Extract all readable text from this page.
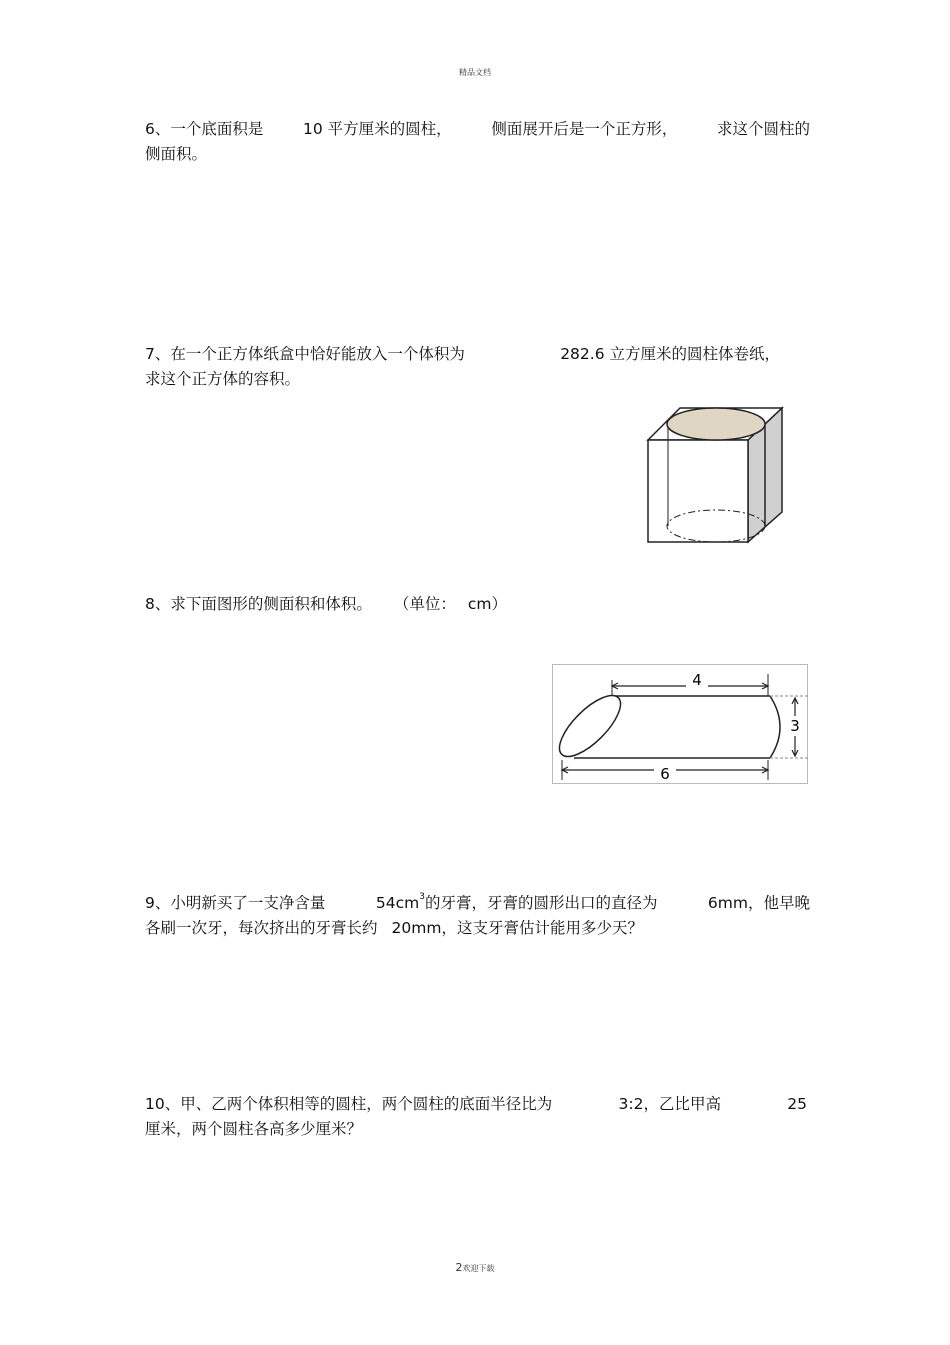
精品文档
6、一个底面积是	10 平方厘米的圆柱，	侧面展开后是一个正方形，	求这个圆柱的
侧面积。
7、在一个正方体纸盒中恰好能放入一个体积为	282.6 立方厘米的圆柱体卷纸，
求这个正方体的容积。
8、求下面图形的侧面积和体积。 （单位： cm）
4
3
6
9、小明新买了一支净含量	$54cm^3$的牙膏，牙膏的圆形出口的直径为	6mm，他早晚
各刷一次牙，每次挤出的牙膏长约 20mm， 这支牙膏估计能用多少天？
10、甲、乙两个体积相等的圆柱，两个圆柱的底面半径比为	3:2，乙比甲高	25
厘米，两个圆柱各高多少厘米？
2欢迎下载
